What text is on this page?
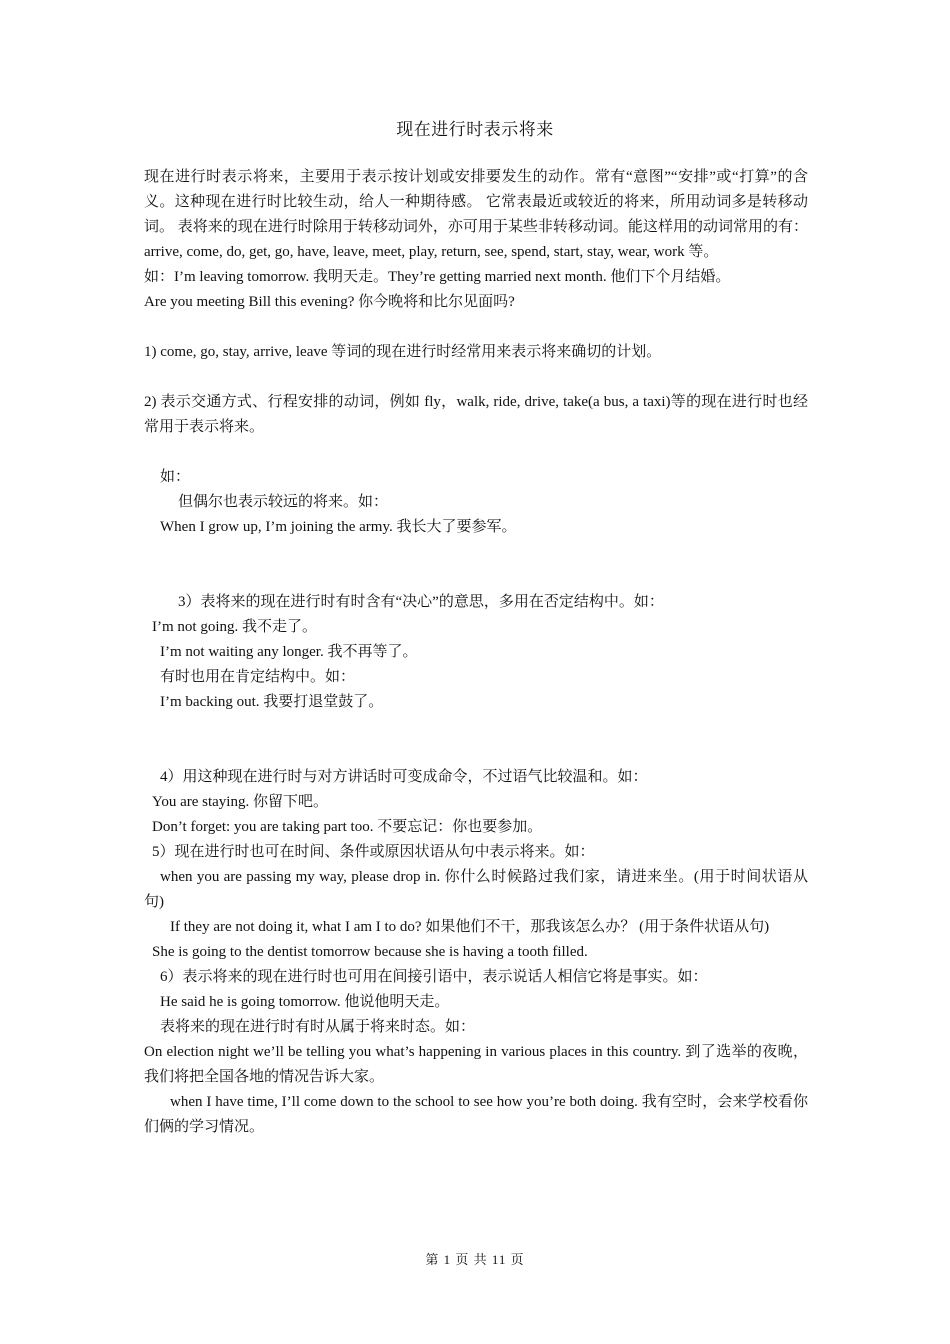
现在进行时表示将来

现在进行时表示将来，主要用于表示按计划或安排要发生的动作。常有“意图”“安排”或“打算”的含义。这种现在进行时比较生动，给人一种期待感。 它常表最近或较近的将来，所用动词多是转移动词。 表将来的现在进行时除用于转移动词外，亦可用于某些非转移动词。能这样用的动词常用的有：arrive, come, do, get, go, have, leave, meet, play, return, see, spend, start, stay, wear, work 等。

如：I’m leaving tomorrow. 我明天走。They’re getting married next month. 他们下个月结婚。

Are you meeting Bill this evening? 你今晚将和比尔见面吗?

1) come, go, stay, arrive, leave 等词的现在进行时经常用来表示将来确切的计划。

2) 表示交通方式、行程安排的动词，例如 fly，walk, ride, drive, take(a bus, a taxi)等的现在进行时也经常用于表示将来。

如：

但偶尔也表示较远的将来。如：

When I grow up, I’m joining the army. 我长大了要参军。

3）表将来的现在进行时有时含有“决心”的意思，多用在否定结构中。如：

I’m not going. 我不走了。

I’m not waiting any longer. 我不再等了。

有时也用在肯定结构中。如：

I’m backing out. 我要打退堂鼓了。

4）用这种现在进行时与对方讲话时可变成命令，不过语气比较温和。如：

You are staying. 你留下吧。

Don’t forget: you are taking part too. 不要忘记：你也要参加。

5）现在进行时也可在时间、条件或原因状语从句中表示将来。如：

when you are passing my way, please drop in. 你什么时候路过我们家，请进来坐。(用于时间状语从句)

If they are not doing it, what I am I to do? 如果他们不干，那我该怎么办？ (用于条件状语从句)

She is going to the dentist tomorrow because she is having a tooth filled.

6）表示将来的现在进行时也可用在间接引语中，表示说话人相信它将是事实。如：

He said he is going tomorrow. 他说他明天走。

表将来的现在进行时有时从属于将来时态。如：

On election night we’ll be telling you what’s happening in various places in this country. 到了选举的夜晚，我们将把全国各地的情况告诉大家。

when I have time, I’ll come down to the school to see how you’re both doing. 我有空时，会来学校看你们俩的学习情况。

第 1 页 共 11 页
